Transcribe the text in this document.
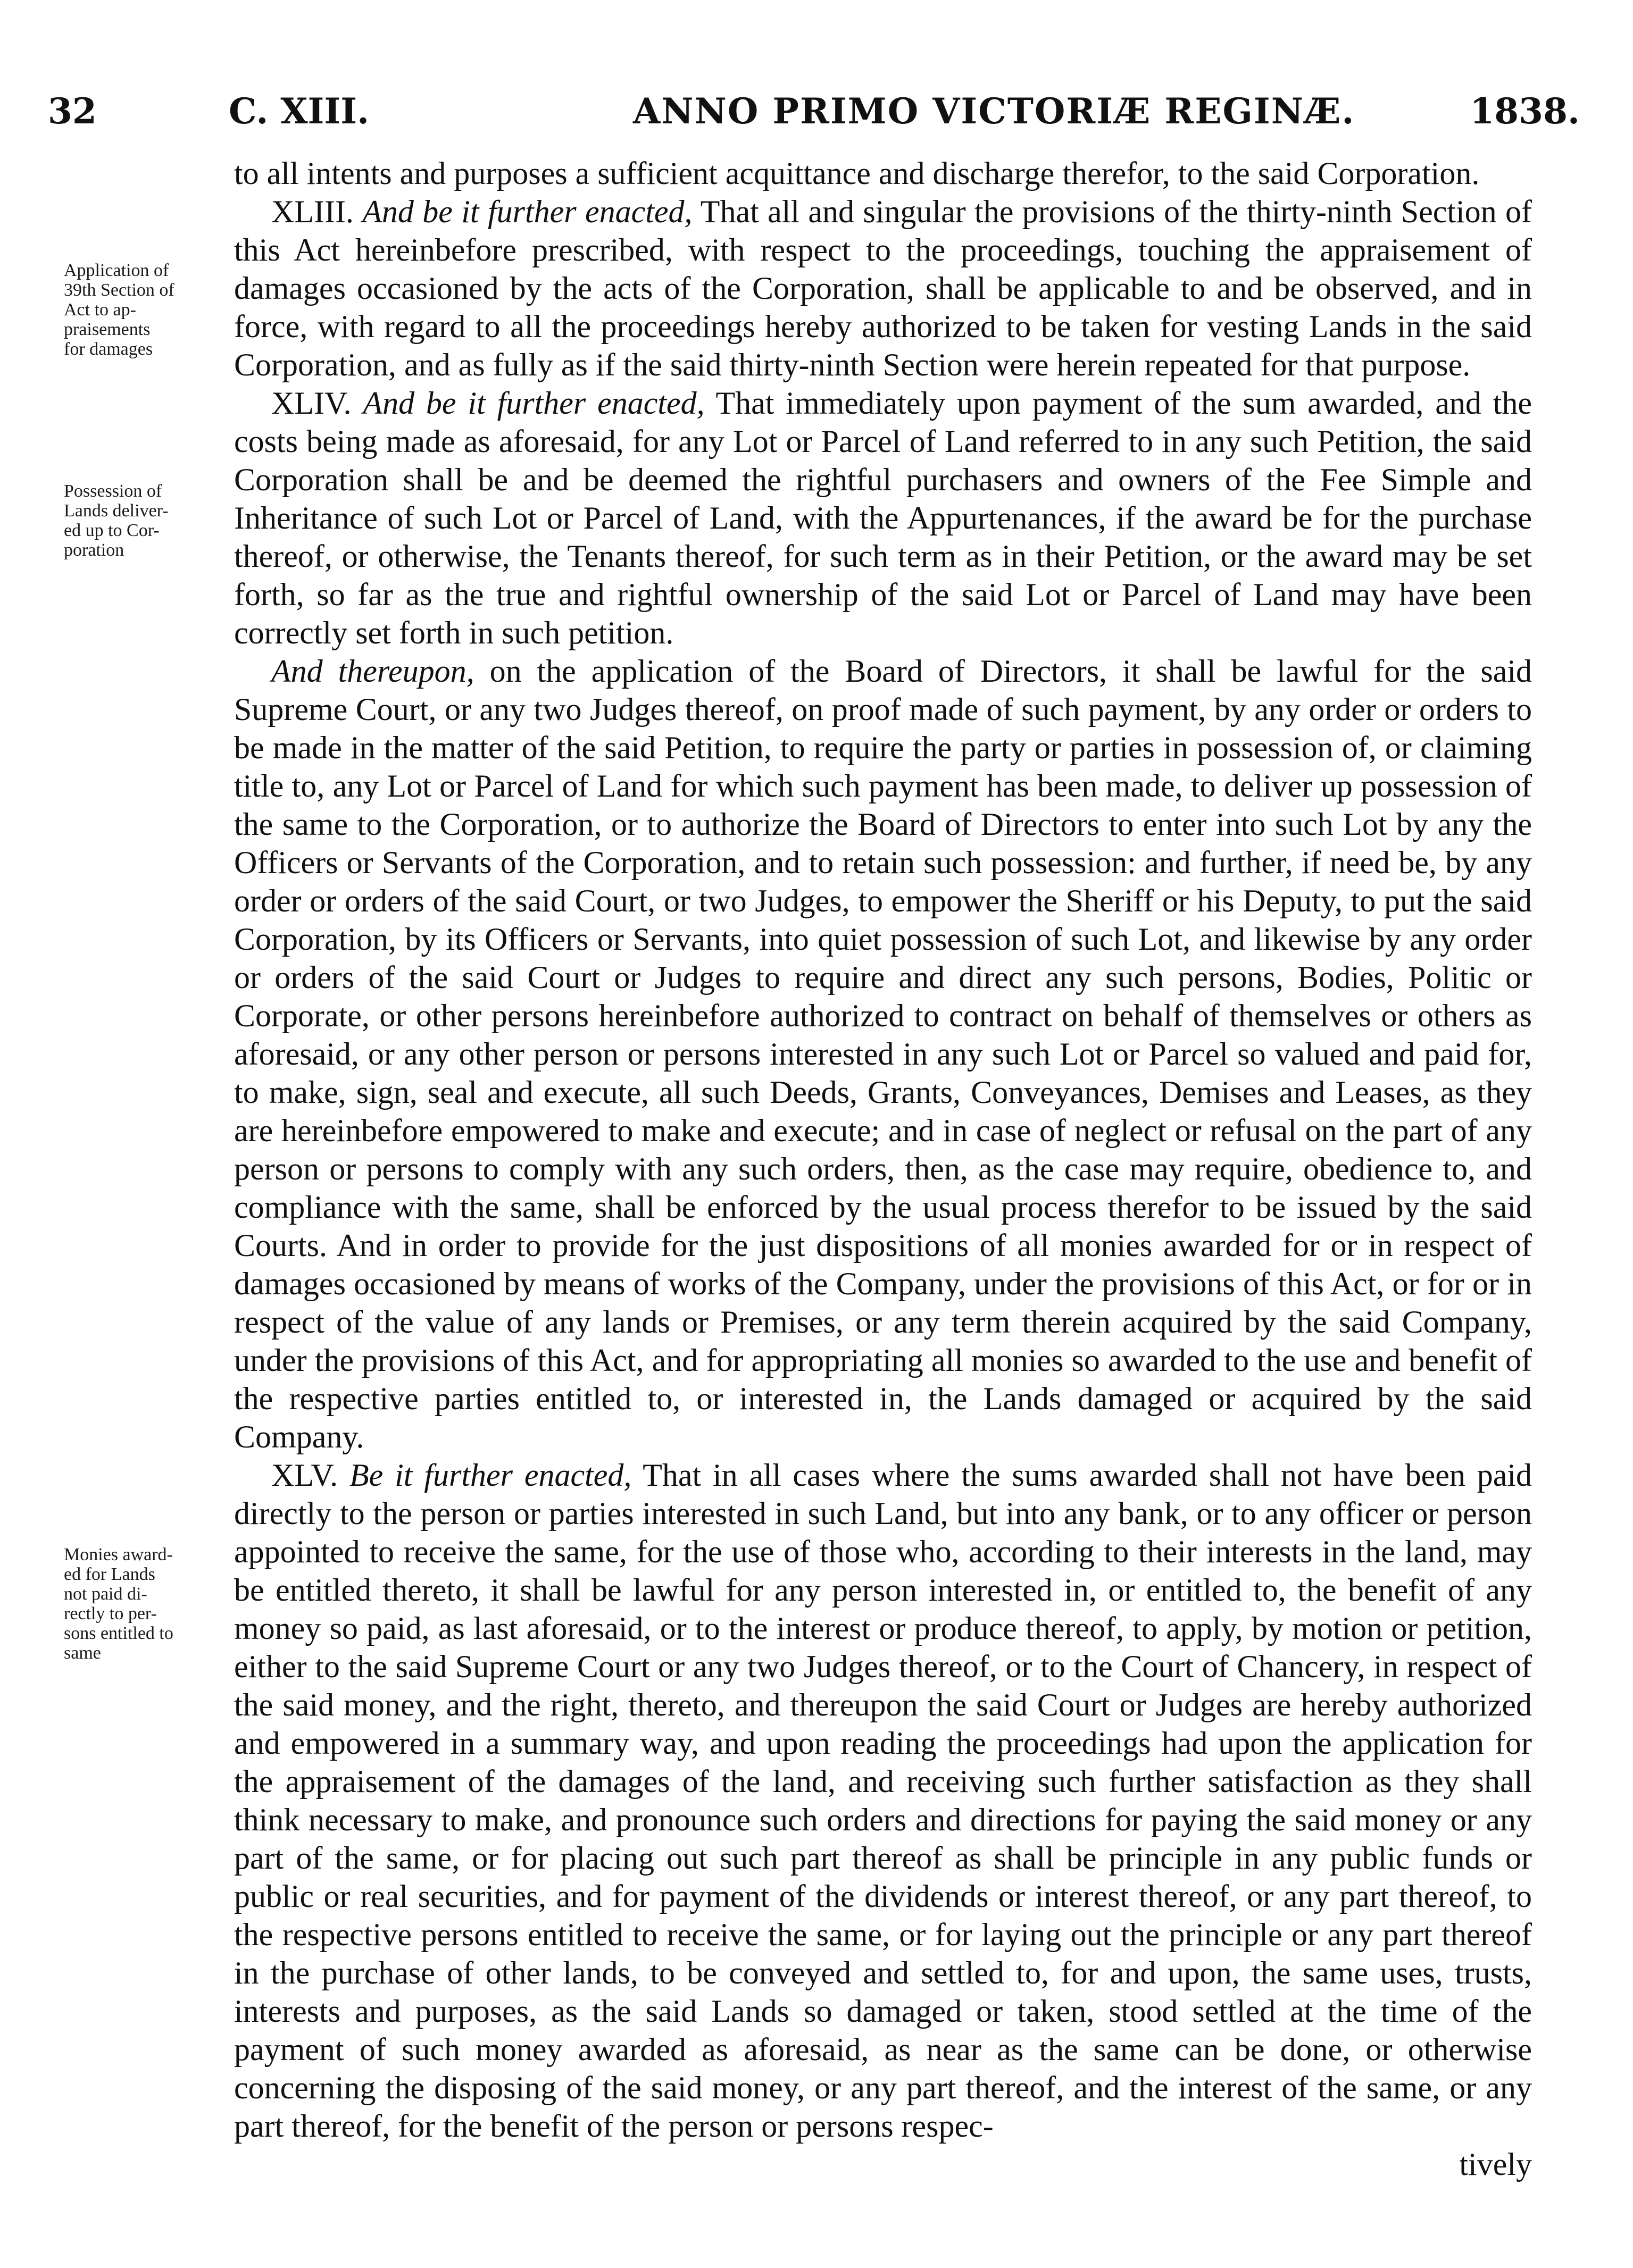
32	C. XIII.	ANNO PRIMO VICTORIÆ REGINÆ.	1838.
Application of
39th Section of
Act to ap-
praisements
for damages
Possession of
Lands deliver-
ed up to Cor-
poration
Monies award-
ed for Lands
not paid di-
rectly to per-
sons entitled to
same

to all intents and purposes a sufficient acquittance and discharge therefor, to the said Corporation.

XLIII. And be it further enacted, That all and singular the provisions of the thirty-ninth Section of this Act hereinbefore prescribed, with respect to the proceedings, touching the appraisement of damages occasioned by the acts of the Corporation, shall be applicable to and be observed, and in force, with regard to all the proceedings hereby authorized to be taken for vesting Lands in the said Corporation, and as fully as if the said thirty-ninth Section were herein repeated for that purpose.

XLIV. And be it further enacted, That immediately upon payment of the sum awarded, and the costs being made as aforesaid, for any Lot or Parcel of Land referred to in any such Petition, the said Corporation shall be and be deemed the rightful purchasers and owners of the Fee Simple and Inheritance of such Lot or Parcel of Land, with the Appurtenances, if the award be for the purchase thereof, or otherwise, the Tenants thereof, for such term as in their Petition, or the award may be set forth, so far as the true and rightful ownership of the said Lot or Parcel of Land may have been correctly set forth in such petition.

And thereupon, on the application of the Board of Directors, it shall be lawful for the said Supreme Court, or any two Judges thereof, on proof made of such payment, by any order or orders to be made in the matter of the said Petition, to require the party or parties in possession of, or claiming title to, any Lot or Parcel of Land for which such payment has been made, to deliver up possession of the same to the Corporation, or to authorize the Board of Directors to enter into such Lot by any the Officers or Servants of the Corporation, and to retain such possession: and further, if need be, by any order or orders of the said Court, or two Judges, to empower the Sheriff or his Deputy, to put the said Corporation, by its Officers or Servants, into quiet possession of such Lot, and likewise by any order or orders of the said Court or Judges to require and direct any such persons, Bodies, Politic or Corporate, or other persons hereinbefore authorized to contract on behalf of themselves or others as aforesaid, or any other person or persons interested in any such Lot or Parcel so valued and paid for, to make, sign, seal and execute, all such Deeds, Grants, Conveyances, Demises and Leases, as they are hereinbefore empowered to make and execute; and in case of neglect or refusal on the part of any person or persons to comply with any such orders, then, as the case may require, obedience to, and compliance with the same, shall be enforced by the usual process therefor to be issued by the said Courts. And in order to provide for the just dispositions of all monies awarded for or in respect of damages occasioned by means of works of the Company, under the provisions of this Act, or for or in respect of the value of any lands or Premises, or any term therein acquired by the said Company, under the provisions of this Act, and for appropriating all monies so awarded to the use and benefit of the respective parties entitled to, or interested in, the Lands damaged or acquired by the said Company.

XLV. Be it further enacted, That in all cases where the sums awarded shall not have been paid directly to the person or parties interested in such Land, but into any bank, or to any officer or person appointed to receive the same, for the use of those who, according to their interests in the land, may be entitled thereto, it shall be lawful for any person interested in, or entitled to, the benefit of any money so paid, as last aforesaid, or to the interest or produce thereof, to apply, by motion or petition, either to the said Supreme Court or any two Judges thereof, or to the Court of Chancery, in respect of the said money, and the right, thereto, and thereupon the said Court or Judges are hereby authorized and empowered in a summary way, and upon reading the proceedings had upon the application for the appraisement of the damages of the land, and receiving such further satisfaction as they shall think necessary to make, and pronounce such orders and directions for paying the said money or any part of the same, or for placing out such part thereof as shall be principle in any public funds or public or real securities, and for payment of the dividends or interest thereof, or any part thereof, to the respective persons entitled to receive the same, or for laying out the principle or any part thereof in the purchase of other lands, to be conveyed and settled to, for and upon, the same uses, trusts, interests and purposes, as the said Lands so damaged or taken, stood settled at the time of the payment of such money awarded as aforesaid, as near as the same can be done, or otherwise concerning the disposing of the said money, or any part thereof, and the interest of the same, or any part thereof, for the benefit of the person or persons respec-

tively
